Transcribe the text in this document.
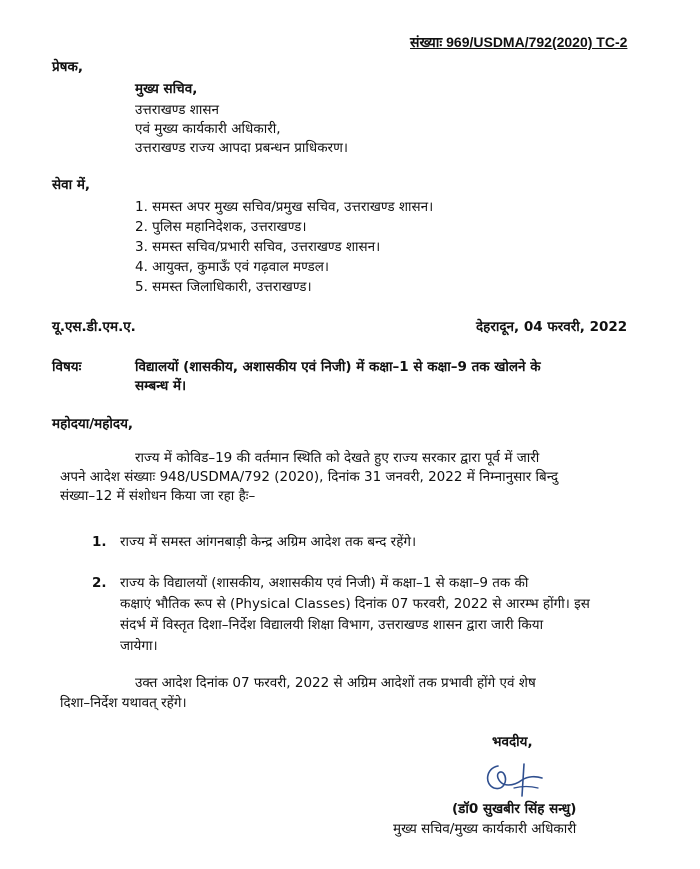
संख्याः 969/USDMA/792(2020) TC-2
प्रेषक,
मुख्य सचिव,
उत्तराखण्ड शासन
एवं मुख्य कार्यकारी अधिकारी,
उत्तराखण्ड राज्य आपदा प्रबन्धन प्राधिकरण।
सेवा में,
1. समस्त अपर मुख्य सचिव/प्रमुख सचिव, उत्तराखण्ड शासन।
2. पुलिस महानिदेशक, उत्तराखण्ड।
3. समस्त सचिव/प्रभारी सचिव, उत्तराखण्ड शासन।
4. आयुक्त, कुमाऊँ एवं गढ़वाल मण्डल।
5. समस्त जिलाधिकारी, उत्तराखण्ड।
यू.एस.डी.एम.ए.	देहरादून, 04 फरवरी, 2022
विषयः	विद्यालयों (शासकीय, अशासकीय एवं निजी) में कक्षा–1 से कक्षा–9 तक खोलने के
सम्बन्ध में।
महोदया/महोदय,
राज्य में कोविड–19 की वर्तमान स्थिति को देखते हुए राज्य सरकार द्वारा पूर्व में जारी
अपने आदेश संख्याः 948/USDMA/792 (2020), दिनांक 31 जनवरी, 2022 में निम्नानुसार बिन्दु
संख्या–12 में संशोधन किया जा रहा हैः–
1. राज्य में समस्त आंगनबाड़ी केन्द्र अग्रिम आदेश तक बन्द रहेंगे।
2. राज्य के विद्यालयों (शासकीय, अशासकीय एवं निजी) में कक्षा–1 से कक्षा–9 तक की
कक्षाएं भौतिक रूप से (Physical Classes) दिनांक 07 फरवरी, 2022 से आरम्भ होंगी। इस
संदर्भ में विस्तृत दिशा–निर्देश विद्यालयी शिक्षा विभाग, उत्तराखण्ड शासन द्वारा जारी किया
जायेगा।
उक्त आदेश दिनांक 07 फरवरी, 2022 से अग्रिम आदेशों तक प्रभावी होंगे एवं शेष
दिशा–निर्देश यथावत् रहेंगे।
भवदीय,
(डॉ0 सुखबीर सिंह सन्धु)
मुख्य सचिव/मुख्य कार्यकारी अधिकारी
